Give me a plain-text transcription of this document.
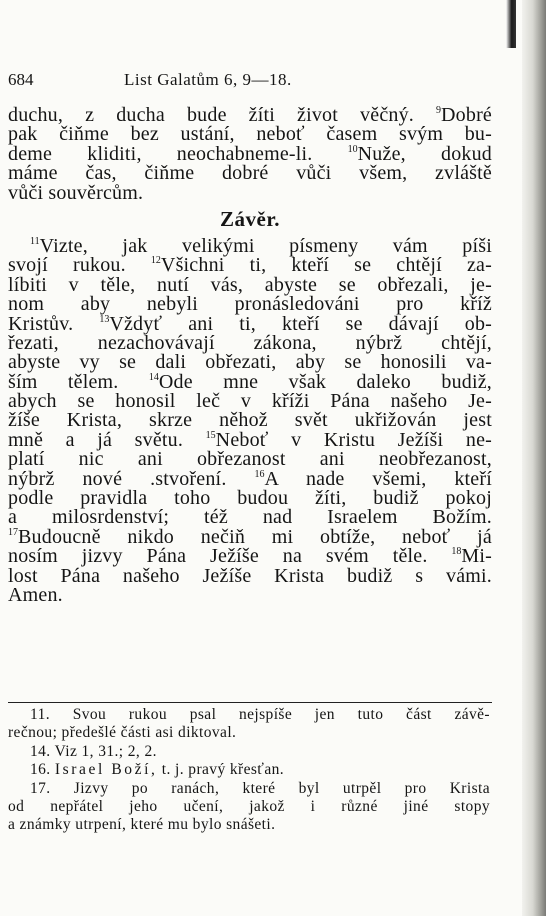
684	List Galatům 6, 9—18.
duchu, z ducha bude žíti život věčný. $^9$Dobré
pak čiňme bez ustání, neboť časem svým bu-
deme kliditi, neochabneme-li.	$^{10}$Nuže, dokud
máme čas, čiňme dobré vůči všem, zvláště
vůči souvěrcům.
Závěr.
$^{11}$Vizte, jak velikými písmeny vám píši
svojí rukou.	$^{12}$Všichni ti, kteří se chtějí za-
líbiti v těle, nutí vás, abyste se obřezali, je-
nom aby nebyli pronásledováni pro kříž
Kristův.	$^{13}$Vždyť ani ti, kteří se dávají ob-
řezati, nezachovávají zákona, nýbrž chtějí,
abyste vy se dali obřezati, aby se honosili va-
ším tělem.	$^{14}$Ode mne však daleko budiž,
abych se honosil leč v kříži Pána našeho Je-
žíše Krista, skrze něhož svět ukřižován jest
mně a já světu. $^{15}$Neboť v Kristu Ježíši ne-
platí nic ani obřezanost ani neobřezanost,
nýbrž nové .stvoření.	$^{16}$A nade všemi, kteří
podle pravidla toho budou žíti, budiž pokoj
a milosrdenství; též nad Israelem Božím.
$^{17}$Budoucně nikdo nečiň mi obtíže, neboť já
nosím jizvy Pána Ježíše na svém těle. $^{18}$Mi-
lost Pána našeho Ježíše Krista budiž s vámi.
Amen.
11. Svou rukou psal nejspíše jen tuto část závě-
rečnou; předešlé části asi diktoval.
14. Viz 1, 31.; 2, 2.
16. Israel Boží, t. j. pravý křesťan.
17. Jizvy po ranách, které byl utrpěl pro Krista
od nepřátel jeho učení, jakož i různé jiné stopy
a známky utrpení, které mu bylo snášeti.
